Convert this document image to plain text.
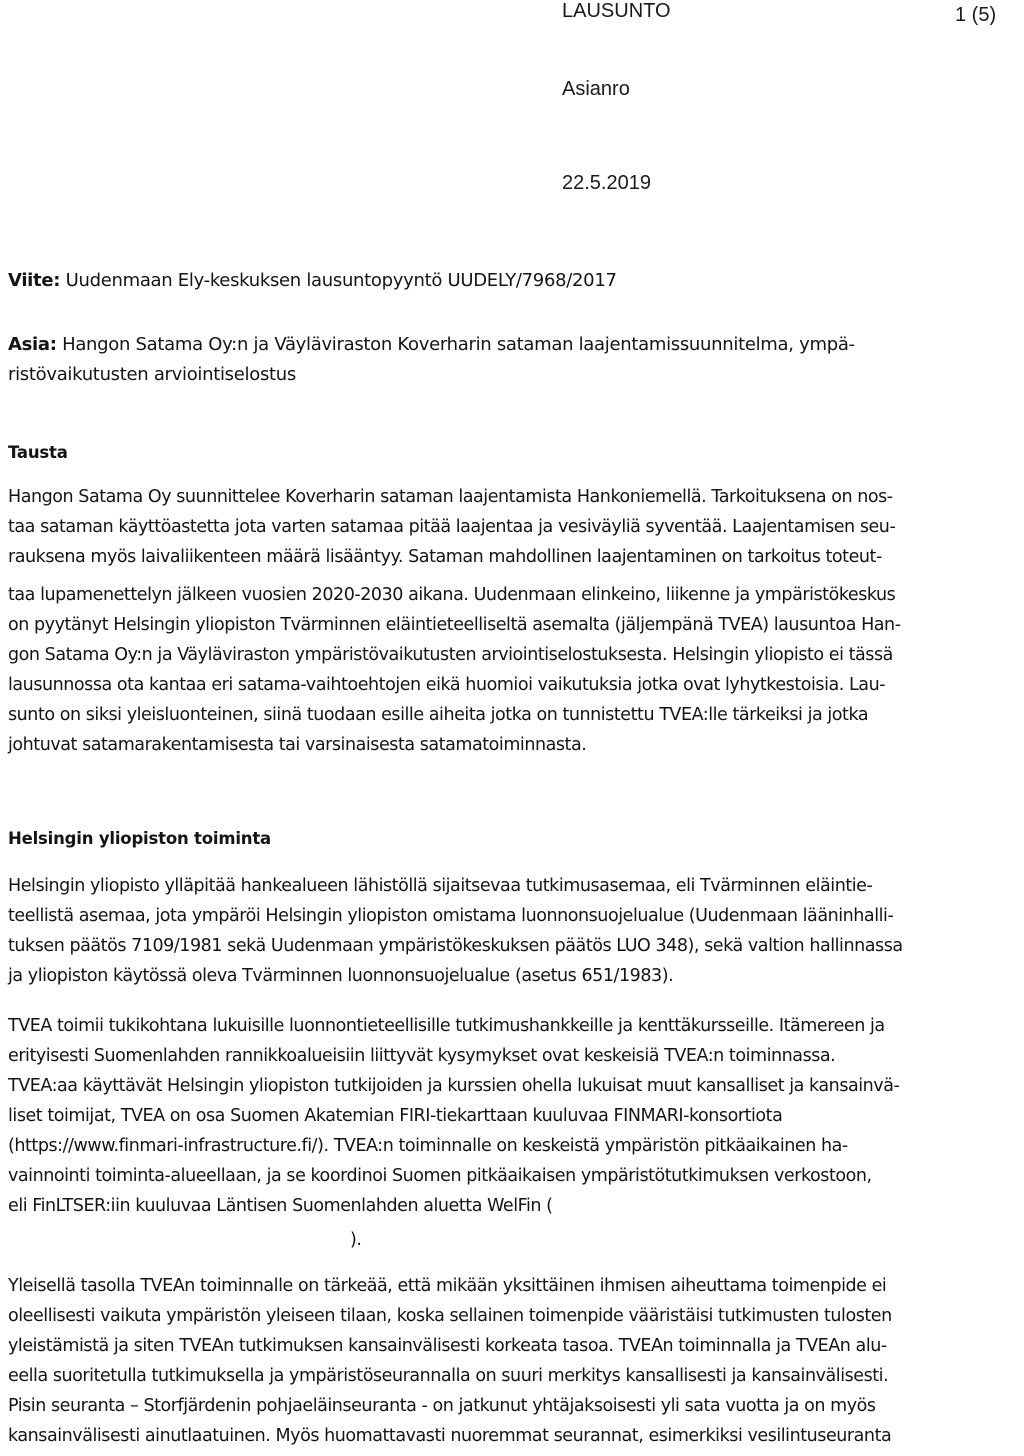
LAUSUNTO	1 (5)
Asianro
22.5.2019
Viite: Uudenmaan Ely-keskuksen lausuntopyyntö UUDELY/7968/2017
Asia: Hangon Satama Oy:n ja Väyläviraston Koverharin sataman laajentamissuunnitelma, ympä-
ristövaikutusten arviointiselostus
Tausta
Hangon Satama Oy suunnittelee Koverharin sataman laajentamista Hankoniemellä. Tarkoituksena on nos-
taa sataman käyttöastetta jota varten satamaa pitää laajentaa ja vesiväyliä syventää. Laajentamisen seu-
rauksena myös laivaliikenteen määrä lisääntyy. Sataman mahdollinen laajentaminen on tarkoitus toteut-
taa lupamenettelyn jälkeen vuosien 2020-2030 aikana. Uudenmaan elinkeino, liikenne ja ympäristökeskus
on pyytänyt Helsingin yliopiston Tvärminnen eläintieteelliseltä asemalta (jäljempänä TVEA) lausuntoa Han-
gon Satama Oy:n ja Väyläviraston ympäristövaikutusten arviointiselostuksesta. Helsingin yliopisto ei tässä
lausunnossa ota kantaa eri satama-vaihtoehtojen eikä huomioi vaikutuksia jotka ovat lyhytkestoisia. Lau-
sunto on siksi yleisluonteinen, siinä tuodaan esille aiheita jotka on tunnistettu TVEA:lle tärkeiksi ja jotka
johtuvat satamarakentamisesta tai varsinaisesta satamatoiminnasta.
Helsingin yliopiston toiminta
Helsingin yliopisto ylläpitää hankealueen lähistöllä sijaitsevaa tutkimusasemaa, eli Tvärminnen eläintie-
teellistä asemaa, jota ympäröi Helsingin yliopiston omistama luonnonsuojelualue (Uudenmaan lääninhalli-
tuksen päätös 7109/1981 sekä Uudenmaan ympäristökeskuksen päätös LUO 348), sekä valtion hallinnassa
ja yliopiston käytössä oleva Tvärminnen luonnonsuojelualue (asetus 651/1983).
TVEA toimii tukikohtana lukuisille luonnontieteellisille tutkimushankkeille ja kenttäkursseille. Itämereen ja
erityisesti Suomenlahden rannikkoalueisiin liittyvät kysymykset ovat keskeisiä TVEA:n toiminnassa.
TVEA:aa käyttävät Helsingin yliopiston tutkijoiden ja kurssien ohella lukuisat muut kansalliset ja kansainvä-
liset toimijat, TVEA on osa Suomen Akatemian FIRI-tiekarttaan kuuluvaa FINMARI-konsortiota
(https://www.finmari-infrastructure.fi/). TVEA:n toiminnalle on keskeistä ympäristön pitkäaikainen ha-
vainnointi toiminta-alueellaan, ja se koordinoi Suomen pitkäaikaisen ympäristötutkimuksen verkostoon,
eli FinLTSER:iin kuuluvaa Läntisen Suomenlahden aluetta WelFin (
).
Yleisellä tasolla TVEAn toiminnalle on tärkeää, että mikään yksittäinen ihmisen aiheuttama toimenpide ei
oleellisesti vaikuta ympäristön yleiseen tilaan, koska sellainen toimenpide vääristäisi tutkimusten tulosten
yleistämistä ja siten TVEAn tutkimuksen kansainvälisesti korkeata tasoa. TVEAn toiminnalla ja TVEAn alu-
eella suoritetulla tutkimuksella ja ympäristöseurannalla on suuri merkitys kansallisesti ja kansainvälisesti.
Pisin seuranta – Storfjärdenin pohjaeläinseuranta - on jatkunut yhtäjaksoisesti yli sata vuotta ja on myös
kansainvälisesti ainutlaatuinen. Myös huomattavasti nuoremmat seurannat, esimerkiksi vesilintuseuranta
